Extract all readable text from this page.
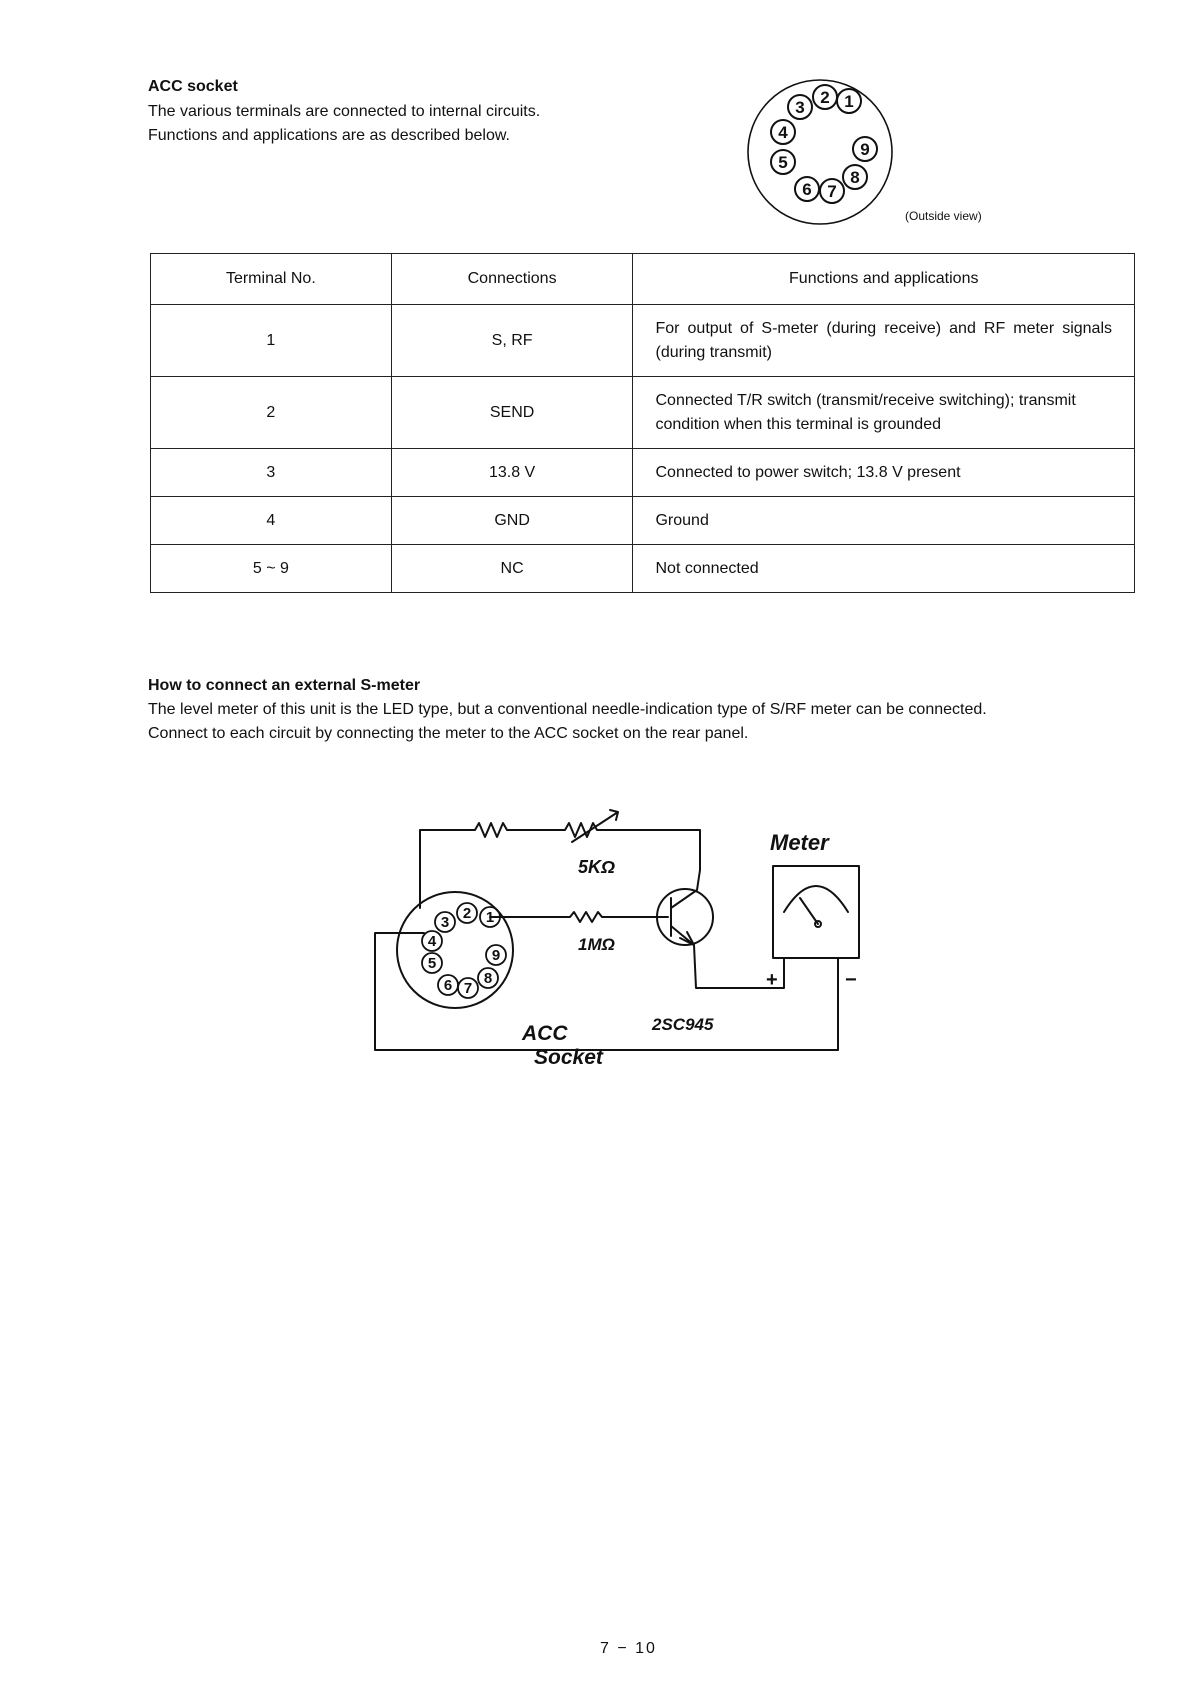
ACC socket
The various terminals are connected to internal circuits.
Functions and applications are as described below.
1
2
3
4
5
6 7
8
9
(Outside view)
Terminal No.	Connections	Functions and applications
1	S, RF	For output of S-meter (during receive) and RF meter signals (during transmit)
2	SEND	Connected T/R switch (transmit/receive switching); transmit condition when this terminal is grounded
3	13.8 V	Connected to power switch; 13.8 V present
4	GND	Ground
5 ~ 9	NC	Not connected
How to connect an external S-meter
The level meter of this unit is the LED type, but a conventional needle-indication type of S/RF meter can be connected.
Connect to each circuit by connecting the meter to the ACC socket on the rear panel.
1
2
3
4
5
6 7
8
9
Meter
5KΩ
1MΩ
2SC945
ACC
Socket
+	−
7 − 10
